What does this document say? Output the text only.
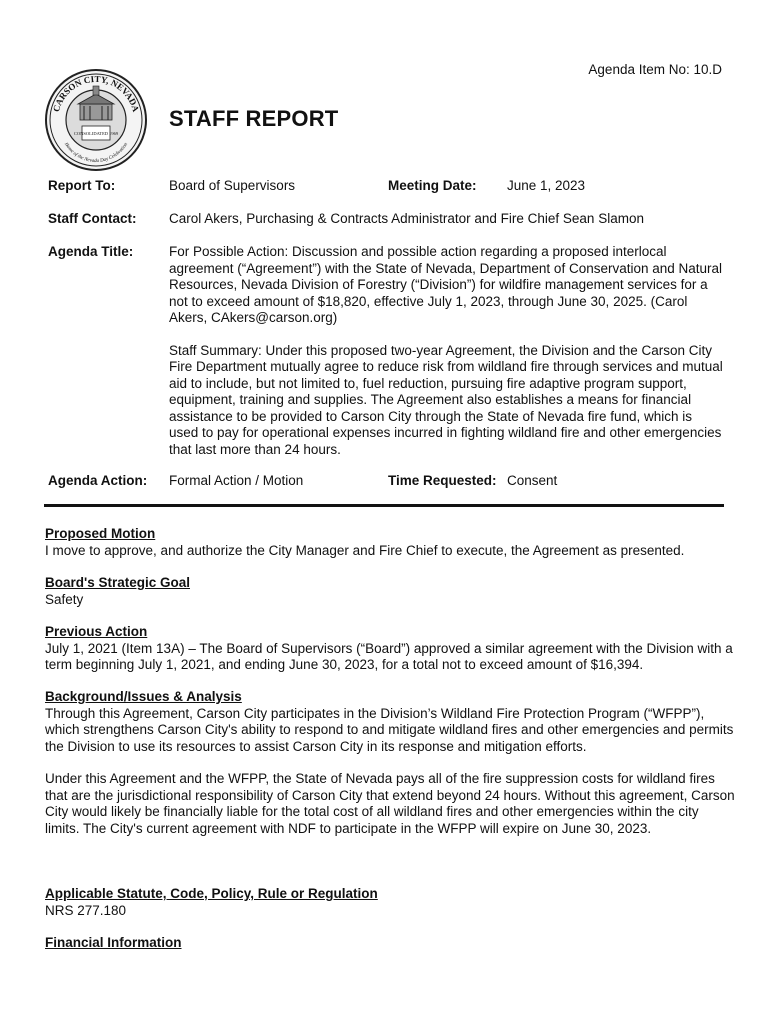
Agenda Item No: 10.D
CARSON CITY, NEVADA
Home of the Nevada Day Celebration
CONSOLIDATED 1969
STAFF REPORT
Report To:	Board of Supervisors	Meeting Date: June 1, 2023
Staff Contact: Carol Akers, Purchasing & Contracts Administrator and Fire Chief Sean Slamon
Agenda Title:	For Possible Action: Discussion and possible action regarding a proposed interlocal agreement (“Agreement”) with the State of Nevada, Department of Conservation and Natural Resources, Nevada Division of Forestry (“Division”) for wildfire management services for a not to exceed amount of $18,820, effective July 1, 2023, through June 30, 2025. (Carol Akers, CAkers@carson.org)

Staff Summary: Under this proposed two-year Agreement, the Division and the Carson City Fire Department mutually agree to reduce risk from wildland fire through services and mutual aid to include, but not limited to, fuel reduction, pursuing fire adaptive program support, equipment, training and supplies. The Agreement also establishes a means for financial assistance to be provided to Carson City through the State of Nevada fire fund, which is used to pay for operational expenses incurred in fighting wildland fire and other emergencies that last more than 24 hours.

Agenda Action: Formal Action / Motion	Time Requested: Consent
Proposed Motion

I move to approve, and authorize the City Manager and Fire Chief to execute, the Agreement as presented.

Board's Strategic Goal

Safety

Previous Action

July 1, 2021 (Item 13A) – The Board of Supervisors (“Board”) approved a similar agreement with the Division with a term beginning July 1, 2021, and ending June 30, 2023, for a total not to exceed amount of $16,394.

Background/Issues & Analysis

Through this Agreement, Carson City participates in the Division’s Wildland Fire Protection Program (“WFPP”), which strengthens Carson City's ability to respond to and mitigate wildland fires and other emergencies and permits the Division to use its resources to assist Carson City in its response and mitigation efforts.

Under this Agreement and the WFPP, the State of Nevada pays all of the fire suppression costs for wildland fires that are the jurisdictional responsibility of Carson City that extend beyond 24 hours. Without this agreement, Carson City would likely be financially liable for the total cost of all wildland fires and other emergencies within the city limits. The City's current agreement with NDF to participate in the WFPP will expire on June 30, 2023.

Applicable Statute, Code, Policy, Rule or Regulation

NRS 277.180

Financial Information
